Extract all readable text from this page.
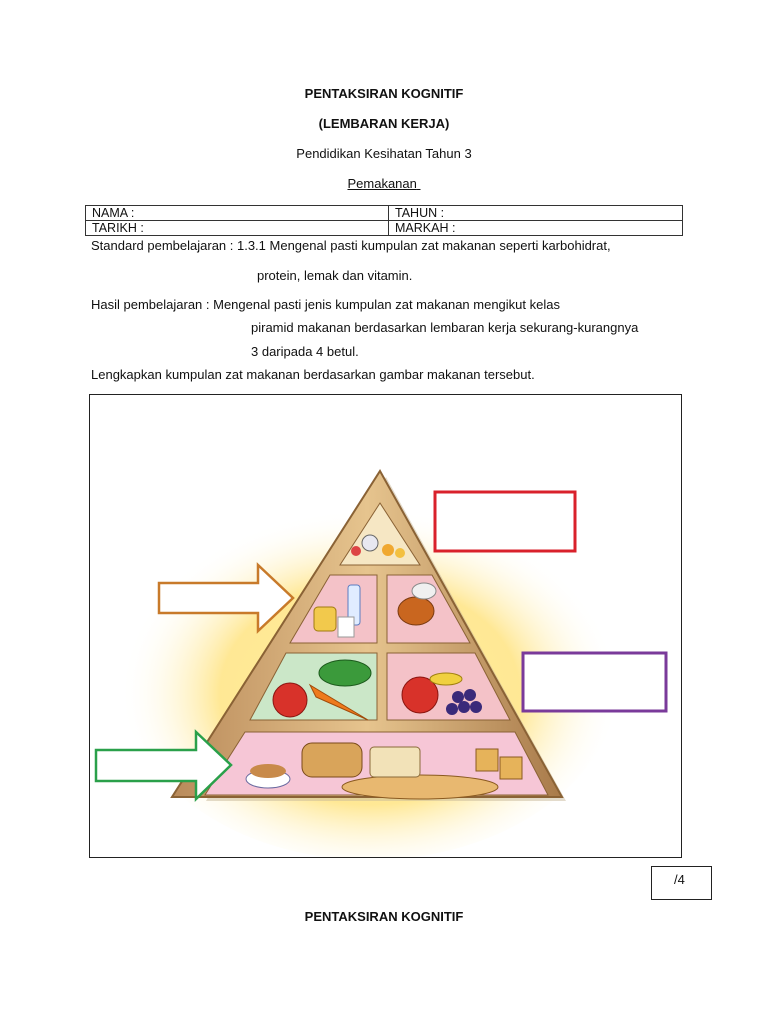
PENTAKSIRAN KOGNITIF
(LEMBARAN KERJA)
Pendidikan Kesihatan Tahun 3
Pemakanan
NAMA :	TAHUN :
TARIKH :	MARKAH :
Standard pembelajaran : 1.3.1 Mengenal pasti kumpulan zat makanan seperti karbohidrat,
protein, lemak dan vitamin.
Hasil pembelajaran : Mengenal pasti jenis kumpulan zat makanan mengikut kelas
piramid makanan berdasarkan lembaran kerja sekurang-kurangnya
3 daripada 4 betul.
Lengkapkan kumpulan zat makanan berdasarkan gambar makanan tersebut.
/4
PENTAKSIRAN KOGNITIF
